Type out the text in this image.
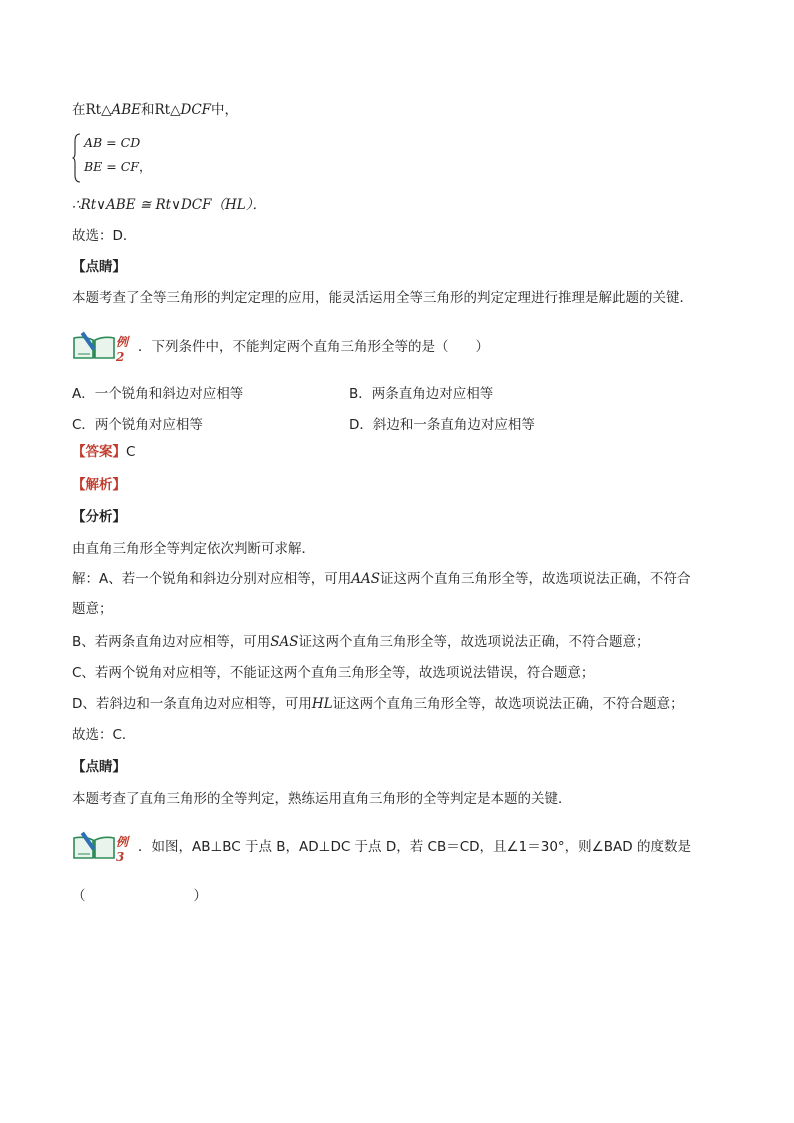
在Rt△ABE和Rt△DCF中，
AB = CD
BE = CF，
∴Rt∨ABE ≅ Rt∨DCF（HL）．
故选：D．
【点睛】
本题考查了全等三角形的判定定理的应用，能灵活运用全等三角形的判定定理进行推理是解此题的关键．
例 2
．下列条件中，不能判定两个直角三角形全等的是（　　）
A．一个锐角和斜边对应相等	B．两条直角边对应相等
C．两个锐角对应相等	D．斜边和一条直角边对应相等
【答案】C
【解析】
【分析】
由直角三角形全等判定依次判断可求解．
解：A、若一个锐角和斜边分别对应相等，可用AAS证这两个直角三角形全等，故选项说法正确，不符合
题意；
B、若两条直角边对应相等，可用SAS证这两个直角三角形全等，故选项说法正确，不符合题意；
C、若两个锐角对应相等，不能证这两个直角三角形全等，故选项说法错误，符合题意；
D、若斜边和一条直角边对应相等，可用HL证这两个直角三角形全等，故选项说法正确，不符合题意；
故选：C．
【点睛】
本题考查了直角三角形的全等判定，熟练运用直角三角形的全等判定是本题的关键．
例 3
．如图，AB⊥BC 于点 B，AD⊥DC 于点 D，若 CB＝CD，且∠1＝30°，则∠BAD 的度数是
（　　　　　　　　）
